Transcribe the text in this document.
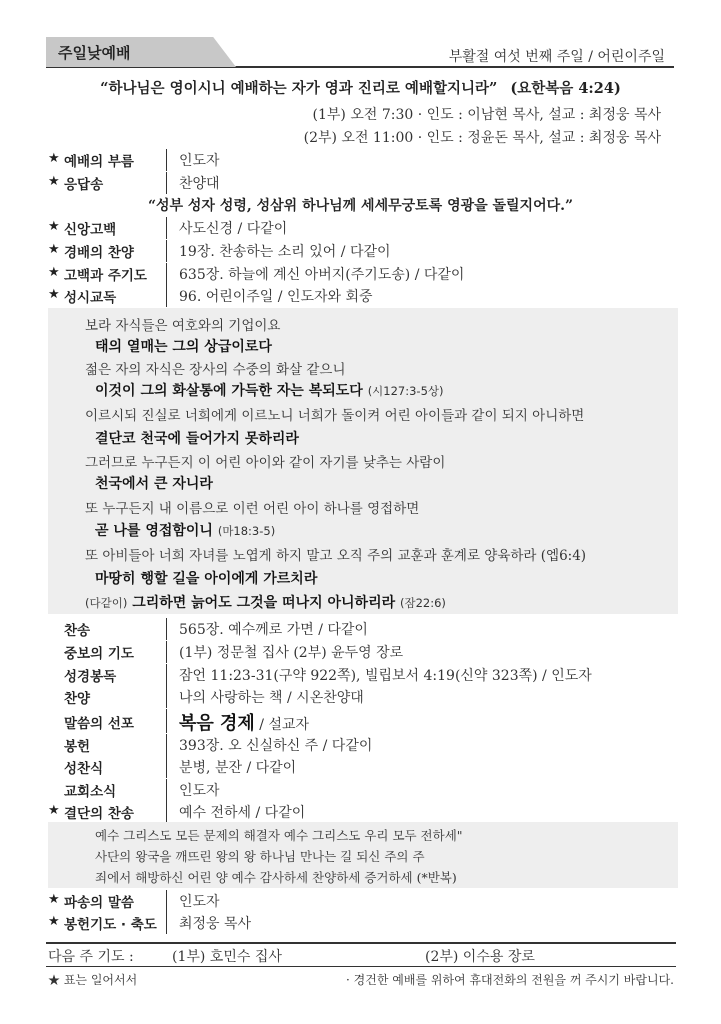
주일낮예배	부활절 여섯 번째 주일 / 어린이주일
“하나님은 영이시니 예배하는 자가 영과 진리로 예배할지니라” (요한복음 4:24)
(1부) 오전 7:30 · 인도 : 이남현 목사, 설교 : 최정웅 목사
(2부) 오전 11:00 · 인도 : 정윤돈 목사, 설교 : 최정웅 목사
★ 예배의 부름	인도자
★ 응답송	찬양대
“성부 성자 성령, 성삼위 하나님께 세세무궁토록 영광을 돌릴지어다.”
★ 신앙고백	사도신경 / 다같이
★ 경배의 찬양	19장. 찬송하는 소리 있어 / 다같이
★ 고백과 주기도 635장. 하늘에 계신 아버지(주기도송) / 다같이
★ 성시교독	96. 어린이주일 / 인도자와 회중
보라 자식들은 여호와의 기업이요
태의 열매는 그의 상급이로다
젊은 자의 자식은 장사의 수중의 화살 같으니
이것이 그의 화살통에 가득한 자는 복되도다 (시127:3-5상)
이르시되 진실로 너희에게 이르노니 너희가 돌이켜 어린 아이들과 같이 되지 아니하면
결단코 천국에 들어가지 못하리라
그러므로 누구든지 이 어린 아이와 같이 자기를 낮추는 사람이
천국에서 큰 자니라
또 누구든지 내 이름으로 이런 어린 아이 하나를 영접하면
곧 나를 영접함이니 (마18:3-5)
또 아비들아 너희 자녀를 노엽게 하지 말고 오직 주의 교훈과 훈계로 양육하라 (엡6:4)
마땅히 행할 길을 아이에게 가르치라
(다같이) 그리하면 늙어도 그것을 떠나지 아니하리라 (잠22:6)
찬송	565장. 예수께로 가면 / 다같이
중보의 기도	(1부) 정문철 집사 (2부) 윤두영 장로
성경봉독	잠언 11:23-31(구약 922쪽), 빌립보서 4:19(신약 323쪽) / 인도자
찬양	나의 사랑하는 책 / 시온찬양대
말씀의 선포	복음 경제 / 설교자
봉헌	393장. 오 신실하신 주 / 다같이
성찬식	분병, 분잔 / 다같이
교회소식	인도자
★ 결단의 찬송	예수 전하세 / 다같이
예수 그리스도 모든 문제의 해결자 예수 그리스도 우리 모두 전하세"
사단의 왕국을 깨뜨린 왕의 왕 하나님 만나는 길 되신 주의 주
죄에서 해방하신 어린 양 예수 감사하세 찬양하세 증거하세 (*반복)
★ 파송의 말씀	인도자
★ 봉헌기도 · 축도 최정웅 목사
다음 주 기도 :	(1부) 호민수 집사	(2부) 이수용 장로
★ 표는 일어서서	· 경건한 예배를 위하여 휴대전화의 전원을 꺼 주시기 바랍니다.
